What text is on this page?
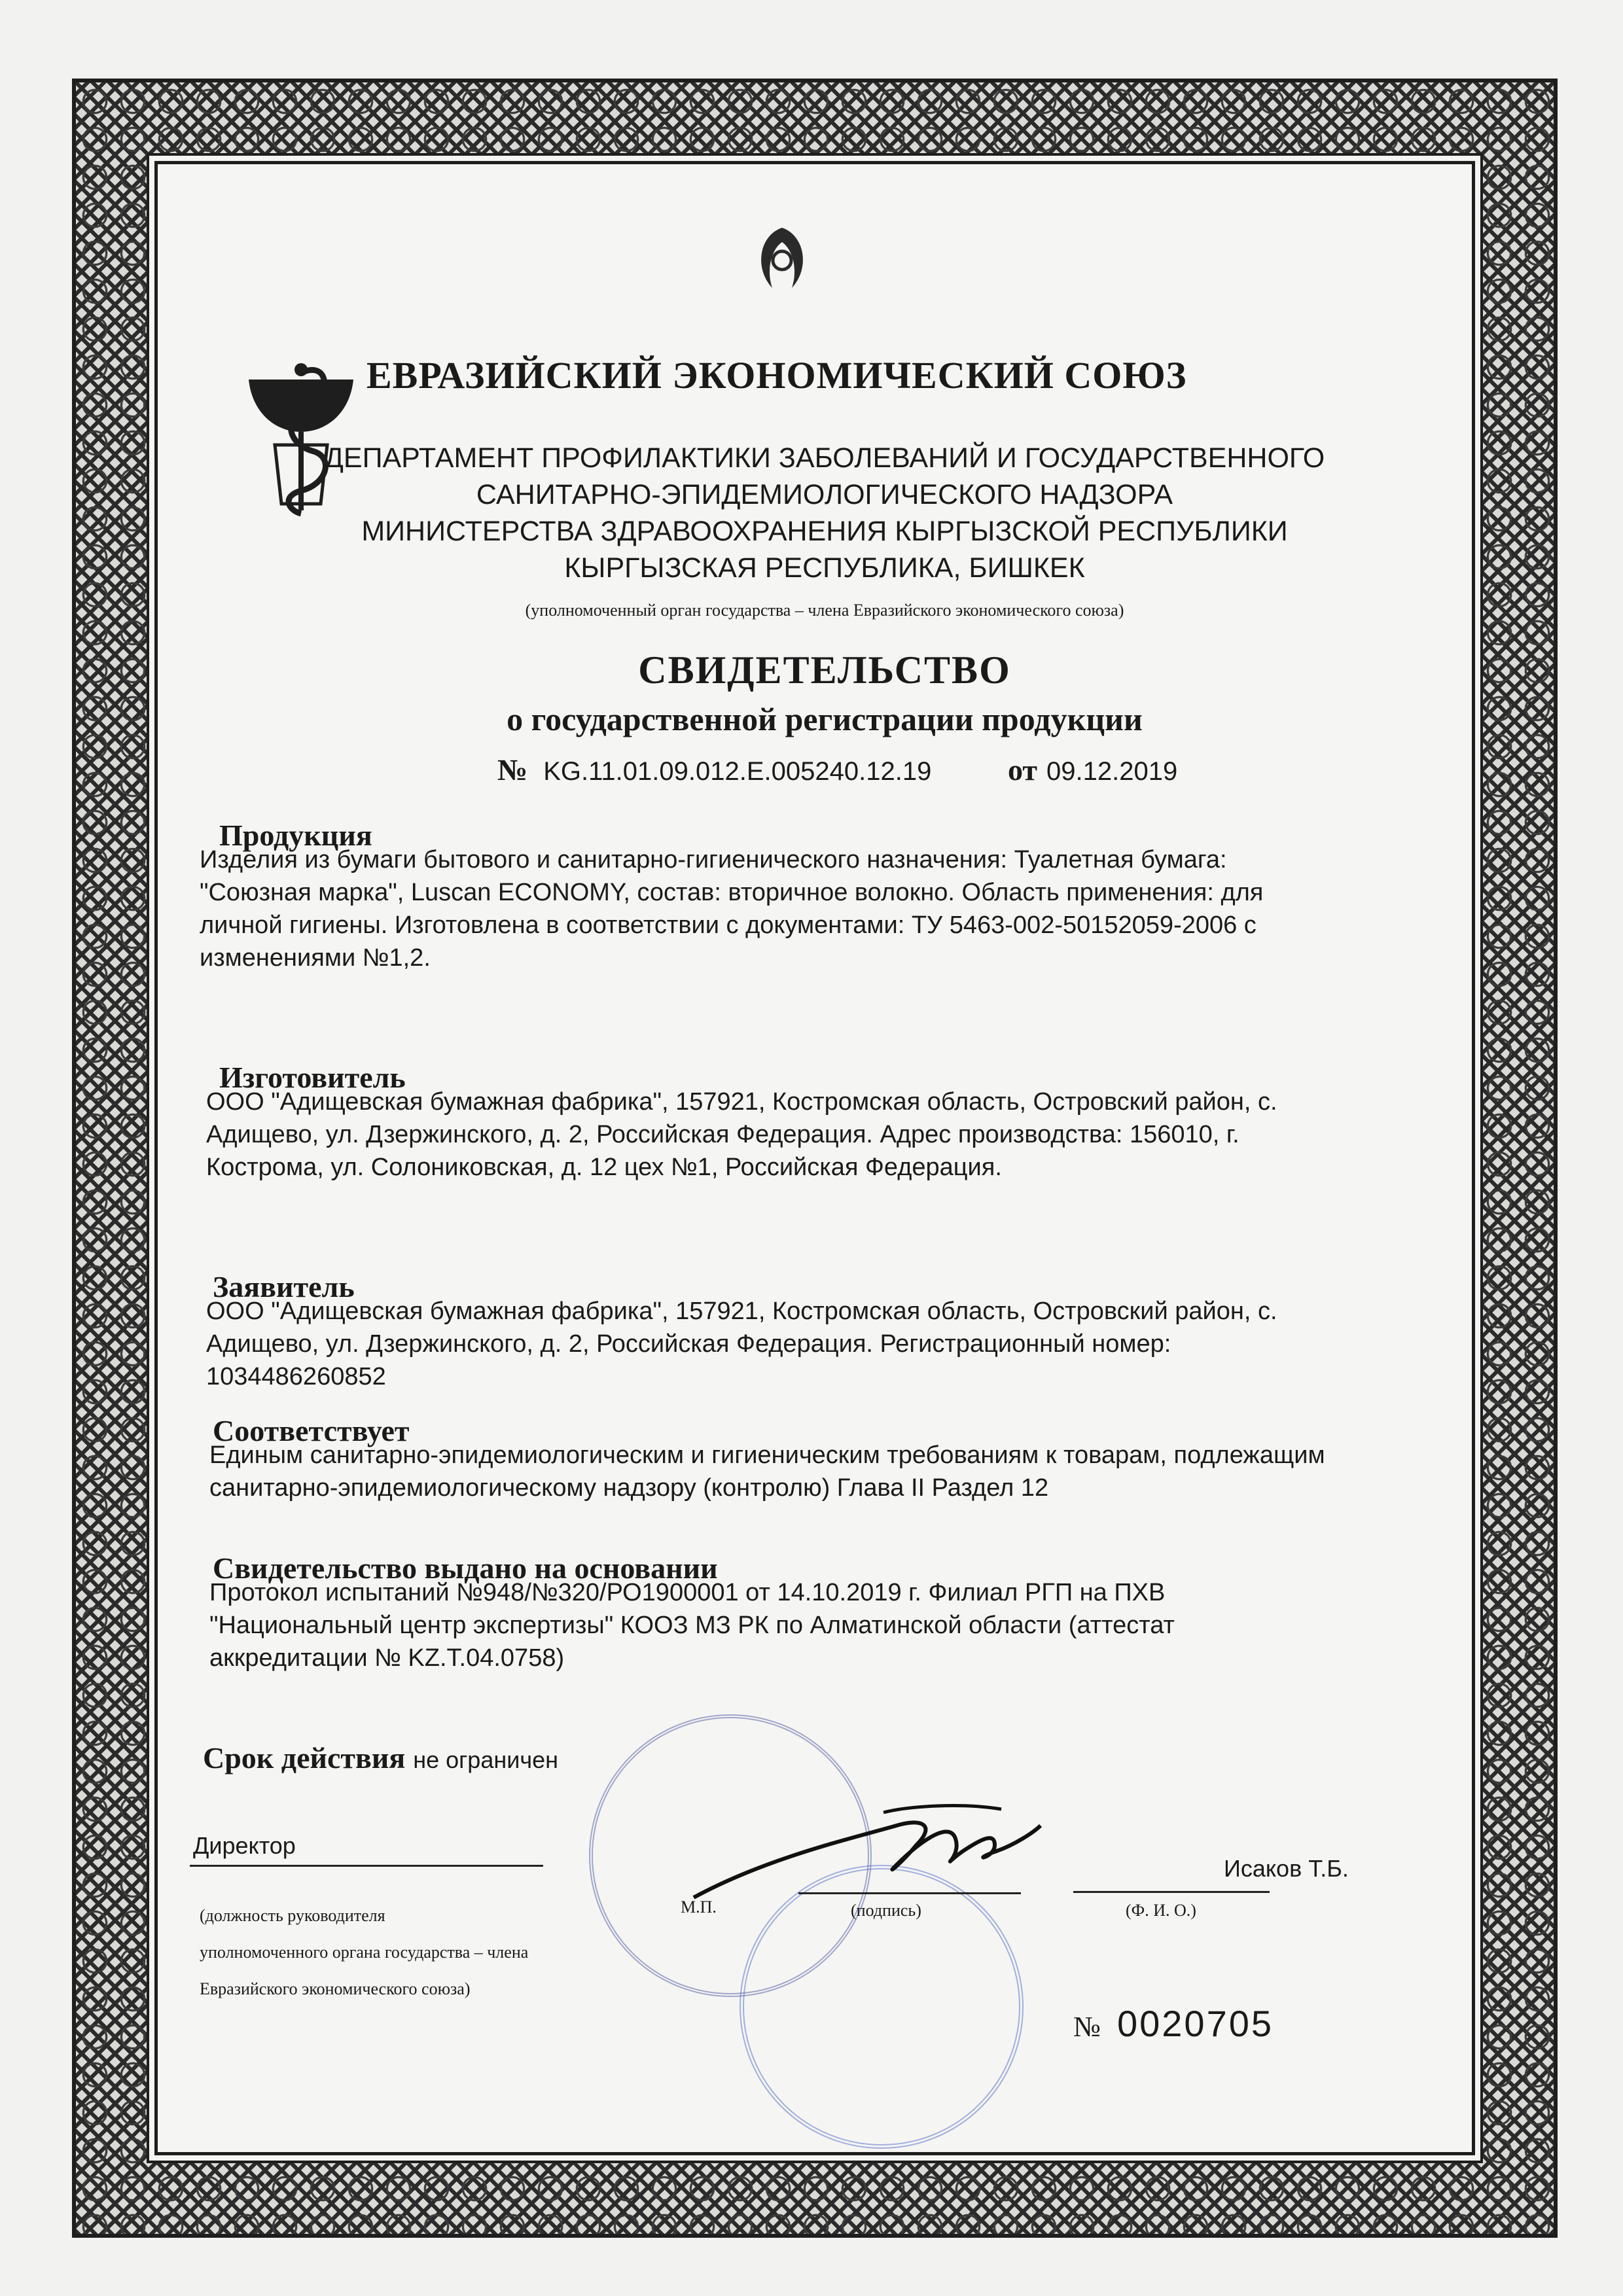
ЕВРАЗИЙСКИЙ ЭКОНОМИЧЕСКИЙ СОЮЗ
ДЕПАРТАМЕНТ ПРОФИЛАКТИКИ ЗАБОЛЕВАНИЙ И ГОСУДАРСТВЕННОГО
САНИТАРНО-ЭПИДЕМИОЛОГИЧЕСКОГО НАДЗОРА
МИНИСТЕРСТВА ЗДРАВООХРАНЕНИЯ КЫРГЫЗСКОЙ РЕСПУБЛИКИ
КЫРГЫЗСКАЯ РЕСПУБЛИКА, БИШКЕК
(уполномоченный орган государства – члена Евразийского экономического союза)
СВИДЕТЕЛЬСТВО
о государственной регистрации продукции
№ KG.11.01.09.012.E.005240.12.19	от 09.12.2019
Продукция
Изделия из бумаги бытового и санитарно-гигиенического назначения: Туалетная бумага:
"Союзная марка", Luscan ECONOMY, состав: вторичное волокно. Область применения: для
личной гигиены. Изготовлена в соответствии с документами: ТУ 5463-002-50152059-2006 с
изменениями №1,2.
Изготовитель
ООО "Адищевская бумажная фабрика", 157921, Костромская область, Островский район, с.
Адищево, ул. Дзержинского, д. 2, Российская Федерация. Адрес производства: 156010, г.
Кострома, ул. Солониковская, д. 12 цех №1, Российская Федерация.
Заявитель
ООО "Адищевская бумажная фабрика", 157921, Костромская область, Островский район, с.
Адищево, ул. Дзержинского, д. 2, Российская Федерация. Регистрационный номер:
1034486260852
Соответствует
Единым санитарно-эпидемиологическим и гигиеническим требованиям к товарам, подлежащим
санитарно-эпидемиологическому надзору (контролю) Глава II Раздел 12
Свидетельство выдано на основании
Протокол испытаний №948/№320/РО1900001 от 14.10.2019 г. Филиал РГП на ПХВ
"Национальный центр экспертизы" КООЗ МЗ РК по Алматинской области (аттестат
аккредитации № KZ.T.04.0758)
Срок действия не ограничен
Директор
(должность руководителя
уполномоченного органа государства – члена
Евразийского экономического союза)
М.П.	(подпись)
Исаков Т.Б.
(Ф. И. О.)
№ 0020705
